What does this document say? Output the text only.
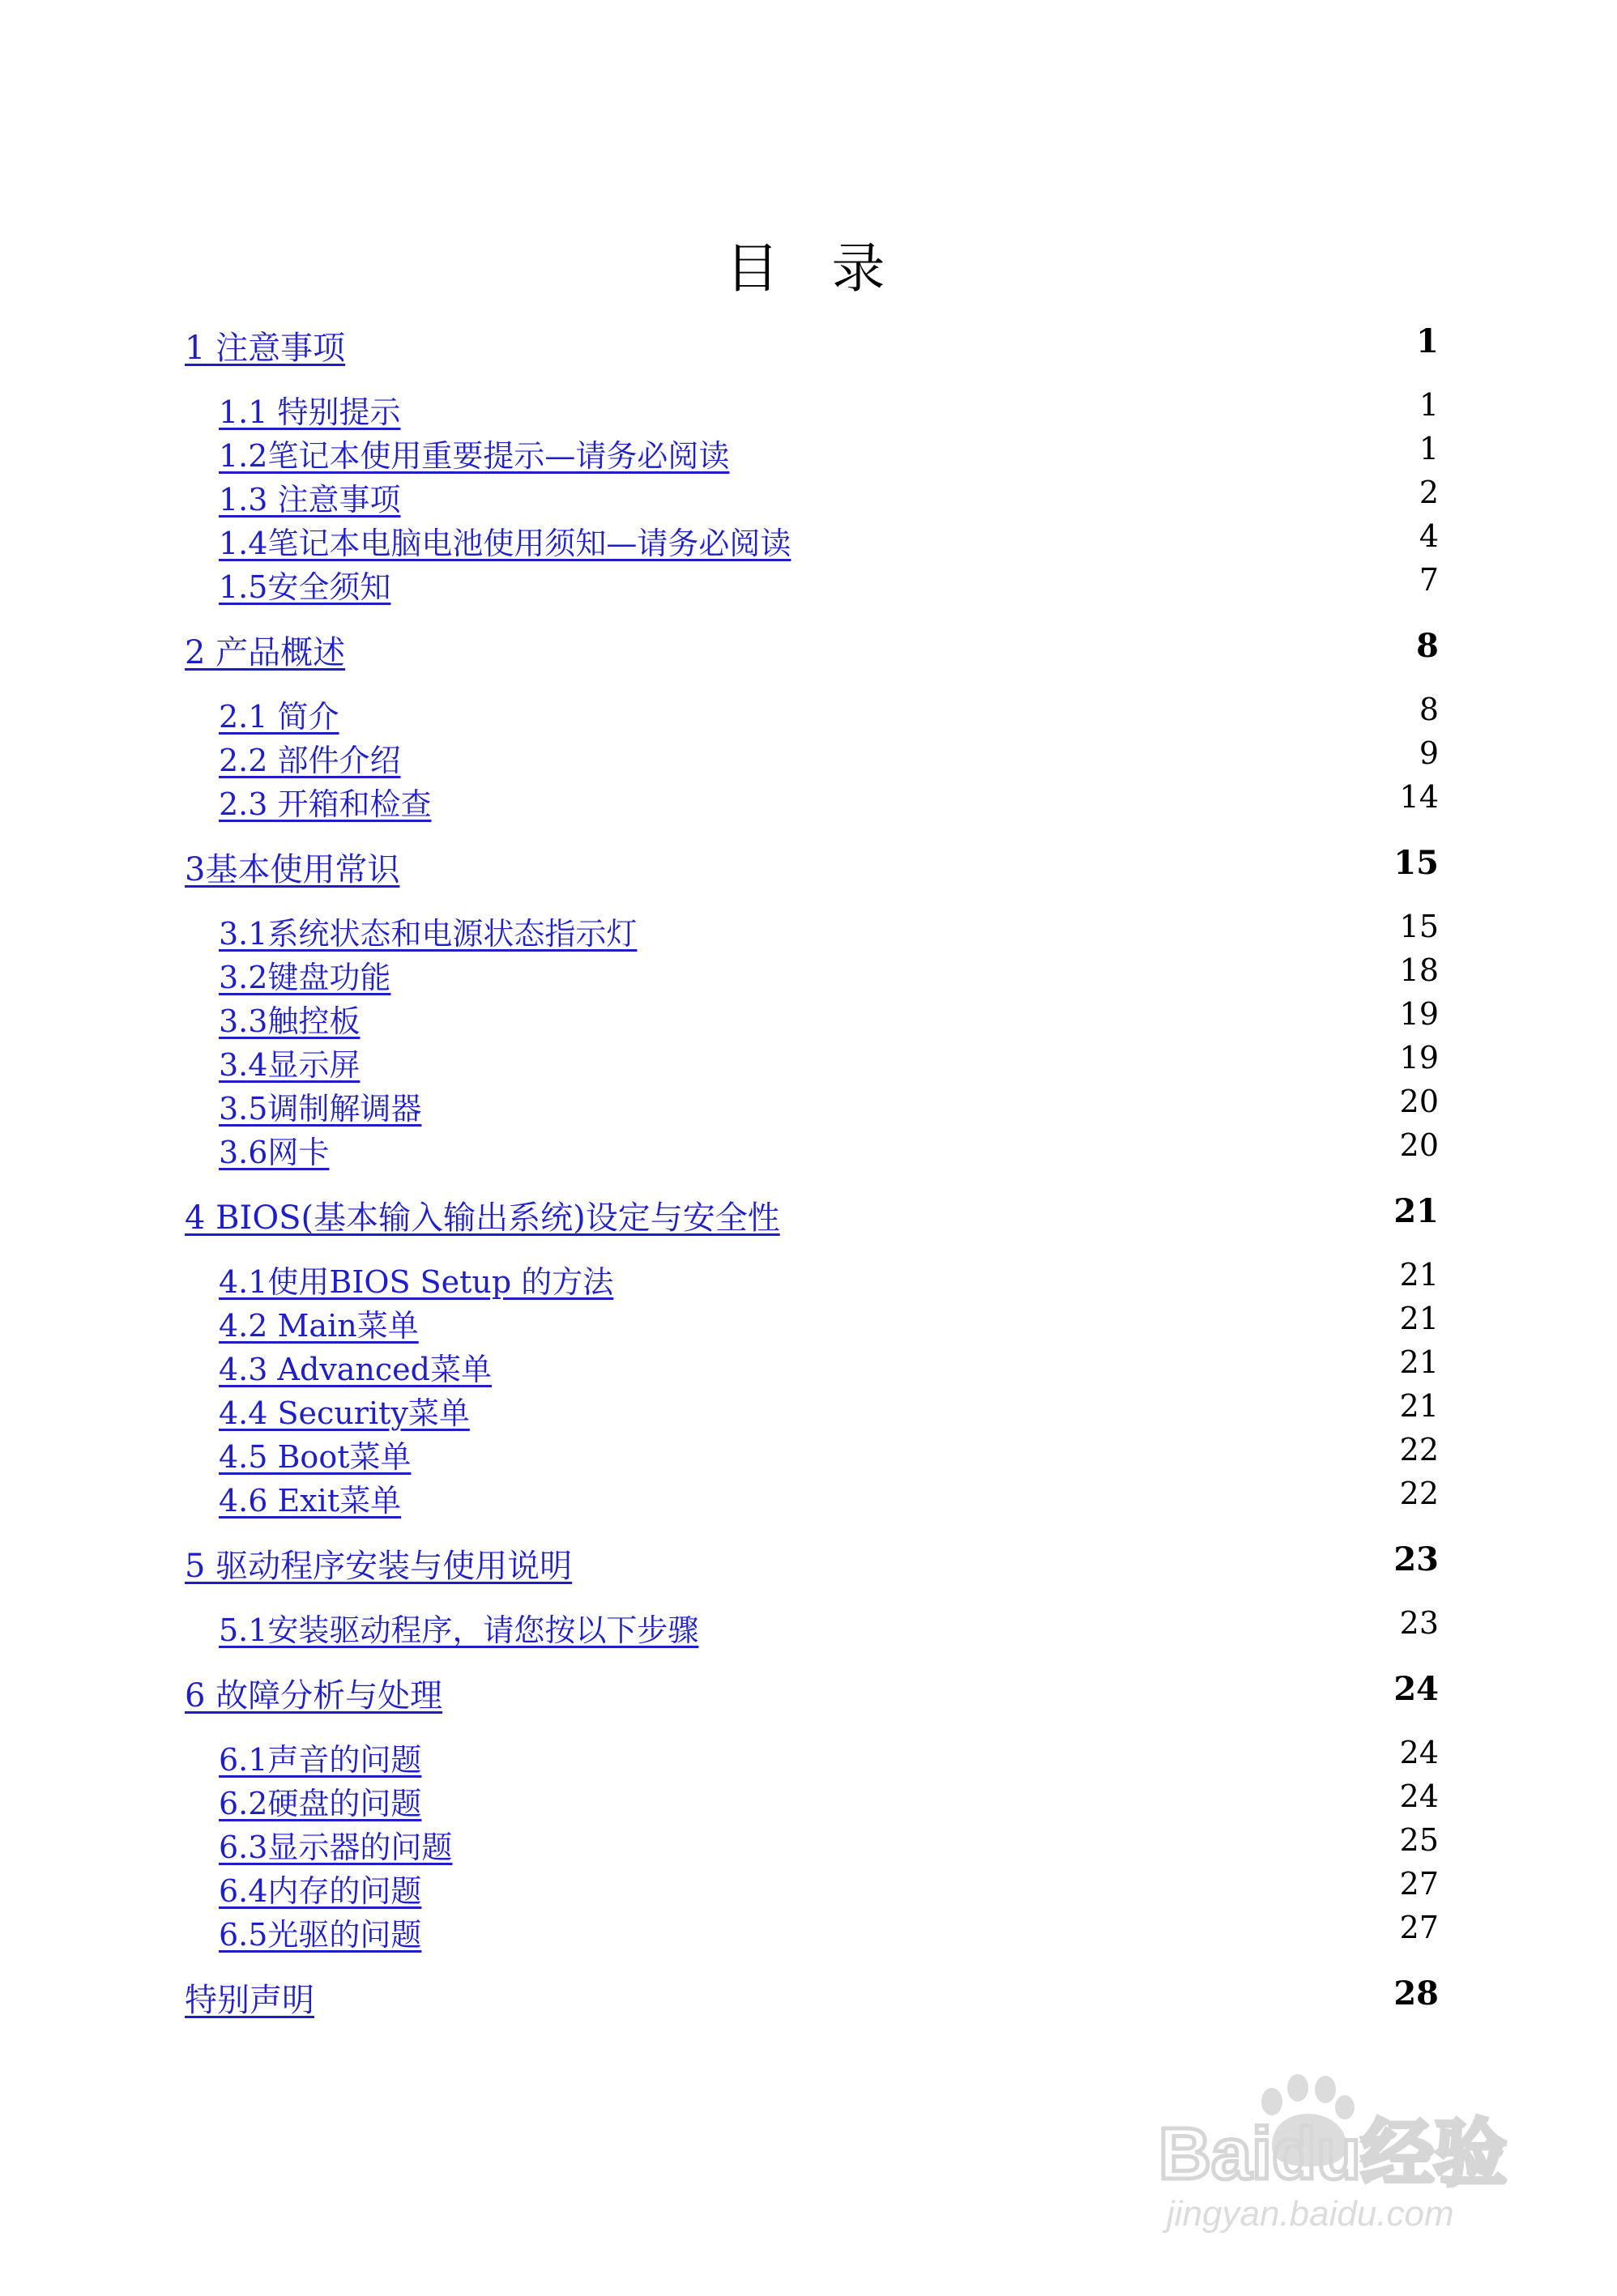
目 录
1 注意事项	1
1.1 特别提示	1
1.2笔记本使用重要提示—请务必阅读	1
1.3 注意事项	2
1.4笔记本电脑电池使用须知—请务必阅读	4
1.5安全须知	7
2 产品概述	8
2.1 简介	8
2.2 部件介绍	9
2.3 开箱和检查	14
3基本使用常识	15
3.1系统状态和电源状态指示灯	15
3.2键盘功能	18
3.3触控板	19
3.4显示屏	19
3.5调制解调器	20
3.6网卡	20
4 BIOS(基本输入输出系统)设定与安全性	21
4.1使用BIOS Setup 的方法	21
4.2 Main菜单	21
4.3 Advanced菜单	21
4.4 Security菜单	21
4.5 Boot菜单	22
4.6 Exit菜单	22
5 驱动程序安装与使用说明	23
5.1安装驱动程序，请您按以下步骤	23
6 故障分析与处理	24
6.1声音的问题	24
6.2硬盘的问题	24
6.3显示器的问题	25
6.4内存的问题	27
6.5光驱的问题	27
特别声明	28
Baidu经验
jingyan.baidu.com
